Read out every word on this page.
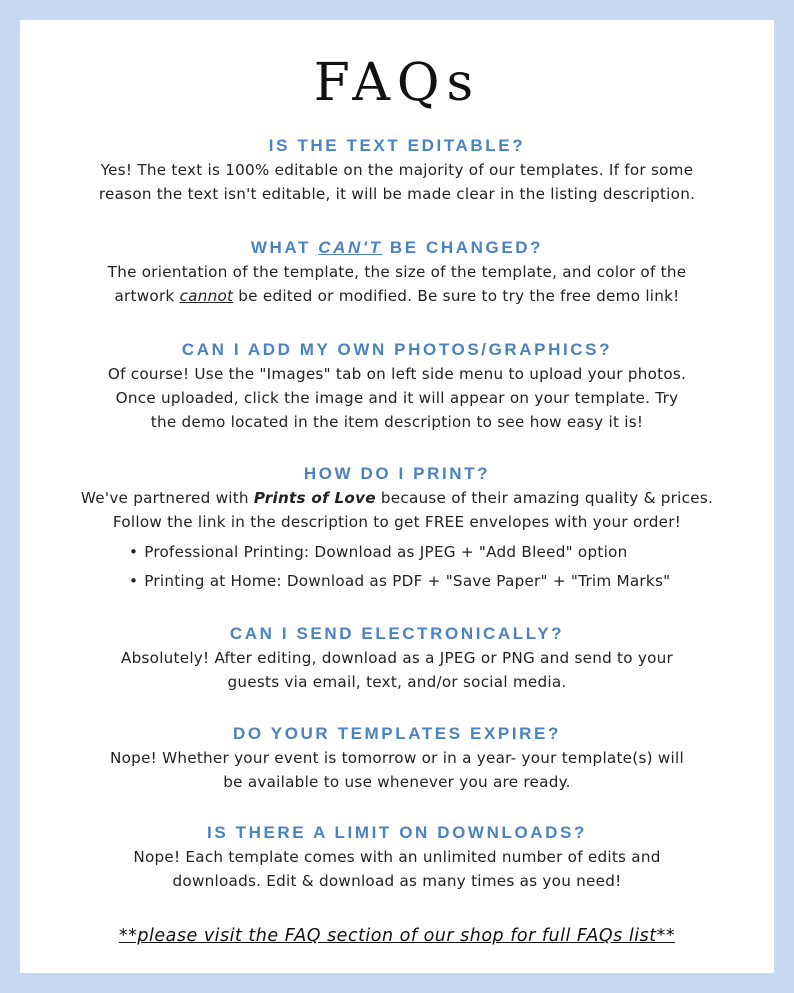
FAQs

IS THE TEXT EDITABLE?

Yes! The text is 100% editable on the majority of our templates. If for some
reason the text isn't editable, it will be made clear in the listing description.

WHAT CAN'T BE CHANGED?

The orientation of the template, the size of the template, and color of the
artwork cannot be edited or modified. Be sure to try the free demo link!

CAN I ADD MY OWN PHOTOS/GRAPHICS?

Of course! Use the "Images" tab on left side menu to upload your photos.
Once uploaded, click the image and it will appear on your template. Try
the demo located in the item description to see how easy it is!

HOW DO I PRINT?

We've partnered with Prints of Love because of their amazing quality & prices.
Follow the link in the description to get FREE envelopes with your order!

• Professional Printing: Download as JPEG + "Add Bleed" option
• Printing at Home: Download as PDF + "Save Paper" + "Trim Marks"

CAN I SEND ELECTRONICALLY?

Absolutely! After editing, download as a JPEG or PNG and send to your
guests via email, text, and/or social media.

DO YOUR TEMPLATES EXPIRE?

Nope! Whether your event is tomorrow or in a year- your template(s) will
be available to use whenever you are ready.

IS THERE A LIMIT ON DOWNLOADS?

Nope! Each template comes with an unlimited number of edits and
downloads. Edit & download as many times as you need!

**please visit the FAQ section of our shop for full FAQs list**
